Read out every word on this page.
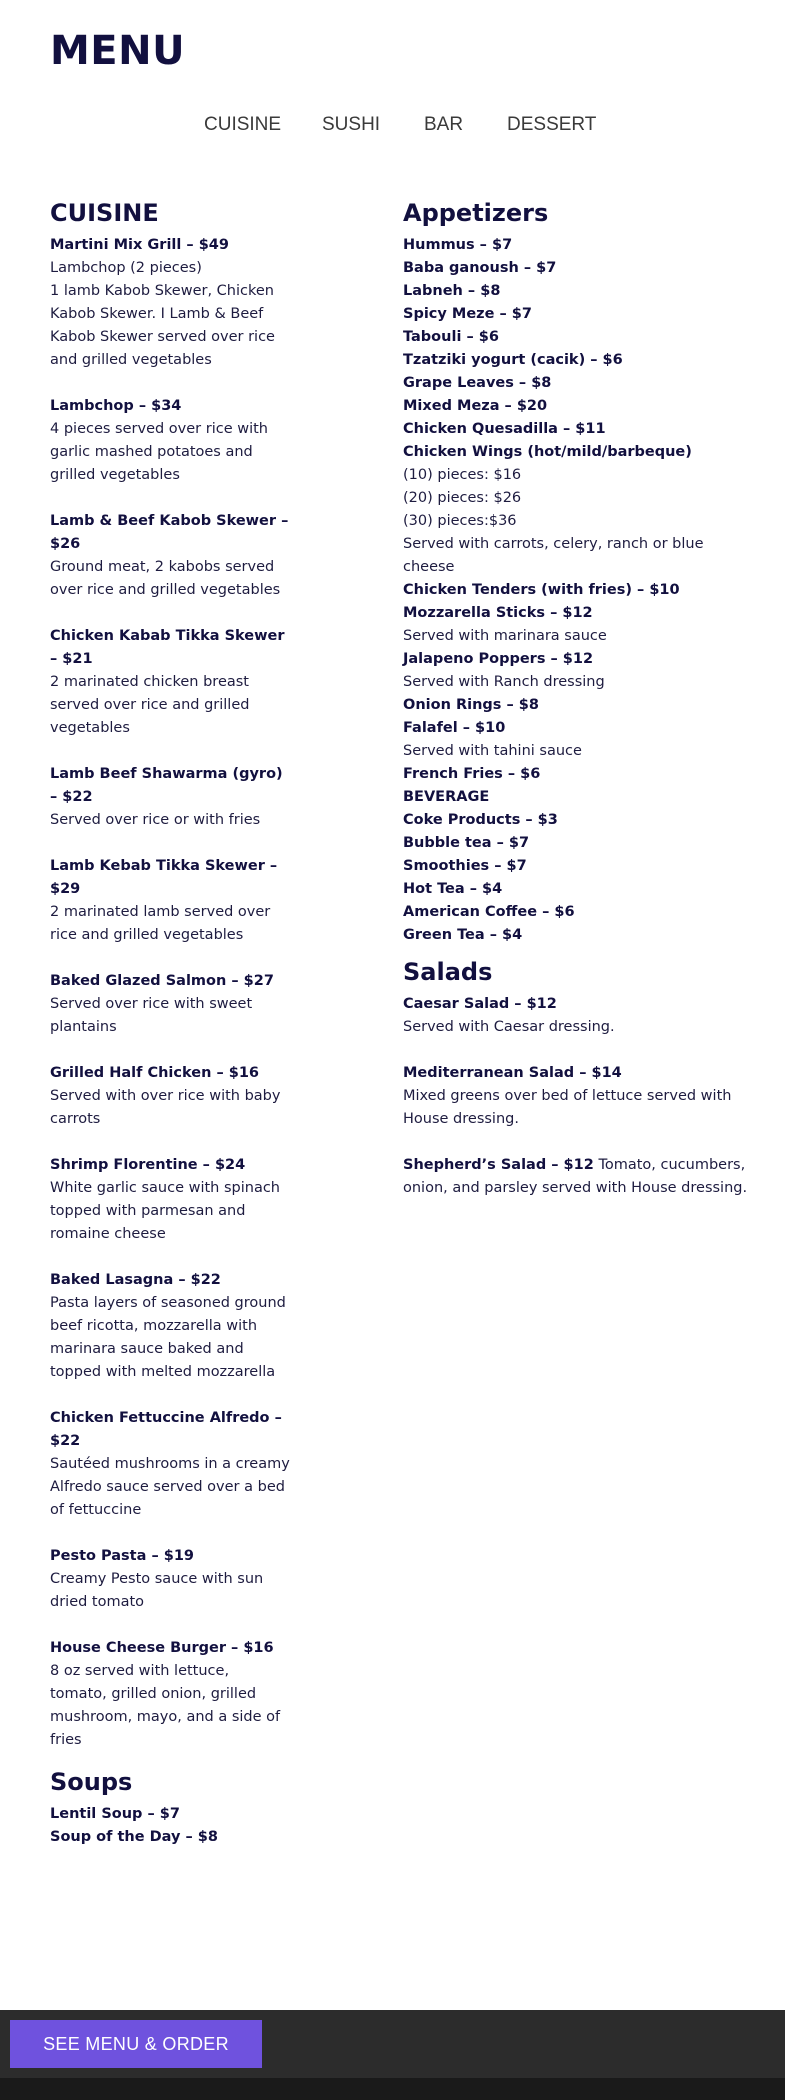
MENU
CUISINE SUSHI BAR DESSERT
CUISINE
Martini Mix Grill – $49
Lambchop (2 pieces)
1 lamb Kabob Skewer, Chicken Kabob Skewer. I Lamb & Beef Kabob Skewer served over rice and grilled vegetables
Lambchop – $34
4 pieces served over rice with garlic mashed potatoes and grilled vegetables
Lamb & Beef Kabob Skewer – $26
Ground meat, 2 kabobs served over rice and grilled vegetables
Chicken Kabab Tikka Skewer – $21
2 marinated chicken breast served over rice and grilled vegetables
Lamb Beef Shawarma (gyro) – $22
Served over rice or with fries
Lamb Kebab Tikka Skewer – $29
2 marinated lamb served over rice and grilled vegetables
Baked Glazed Salmon – $27
Served over rice with sweet plantains
Grilled Half Chicken – $16
Served with over rice with baby carrots
Shrimp Florentine – $24
White garlic sauce with spinach topped with parmesan and romaine cheese
Baked Lasagna – $22
Pasta layers of seasoned ground beef ricotta, mozzarella with marinara sauce baked and topped with melted mozzarella
Chicken Fettuccine Alfredo – $22
Sautéed mushrooms in a creamy Alfredo sauce served over a bed of fettuccine
Pesto Pasta – $19
Creamy Pesto sauce with sun dried tomato
House Cheese Burger – $16
8 oz served with lettuce, tomato, grilled onion, grilled mushroom, mayo, and a side of fries
Soups
Lentil Soup – $7
Soup of the Day – $8
Appetizers
Hummus – $7
Baba ganoush – $7
Labneh – $8
Spicy Meze – $7
Tabouli – $6
Tzatziki yogurt (cacik) – $6
Grape Leaves – $8
Mixed Meza – $20
Chicken Quesadilla – $11
Chicken Wings (hot/mild/barbeque)
(10) pieces: $16
(20) pieces: $26
(30) pieces:$36
Served with carrots, celery, ranch or blue cheese
Chicken Tenders (with fries) – $10
Mozzarella Sticks – $12
Served with marinara sauce
Jalapeno Poppers – $12
Served with Ranch dressing
Onion Rings – $8
Falafel – $10
Served with tahini sauce
French Fries – $6
BEVERAGE
Coke Products – $3
Bubble tea – $7
Smoothies – $7
Hot Tea – $4
American Coffee – $6
Green Tea – $4
Salads
Caesar Salad – $12
Served with Caesar dressing.
Mediterranean Salad – $14
Mixed greens over bed of lettuce served with House dressing.
Shepherd’s Salad – $12 Tomato, cucumbers, onion, and parsley served with House dressing.
SEE MENU & ORDER
